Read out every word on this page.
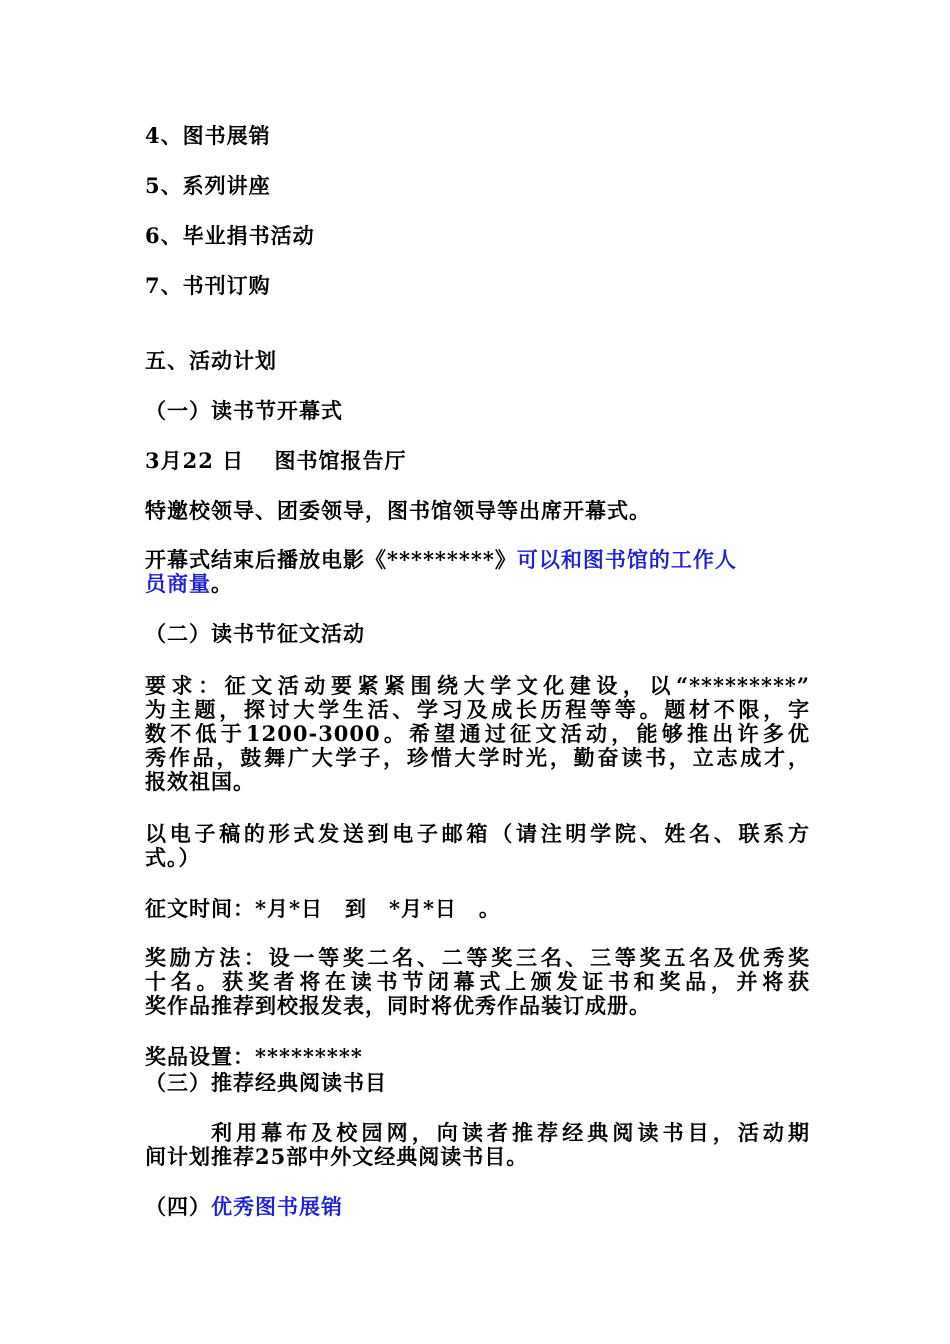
4、图书展销
5、系列讲座
6、毕业捐书活动
7、书刊订购
五、活动计划
（一）读书节开幕式
3月22 日　 图书馆报告厅
特邀校领导、团委领导，图书馆领导等出席开幕式。
开幕式结束后播放电影《*********》可以和图书馆的工作人
员商量。
（二）读书节征文活动
要求：征文活动要紧紧围绕大学文化建设，以“*********”
为主题，探讨大学生活、学习及成长历程等等。题材不限，字
数不低于1200-3000。希望通过征文活动，能够推出许多优
秀作品，鼓舞广大学子，珍惜大学时光，勤奋读书，立志成才，
报效祖国。
以电子稿的形式发送到电子邮箱（请注明学院、姓名、联系方
式。）
征文时间：*月*日　到　*月*日　。
奖励方法：设一等奖二名、二等奖三名、三等奖五名及优秀奖
十名。获奖者将在读书节闭幕式上颁发证书和奖品，并将获
奖作品推荐到校报发表，同时将优秀作品装订成册。
奖品设置：*********
（三）推荐经典阅读书目
利用幕布及校园网，向读者推荐经典阅读书目，活动期
间计划推荐25部中外文经典阅读书目。
（四）优秀图书展销
